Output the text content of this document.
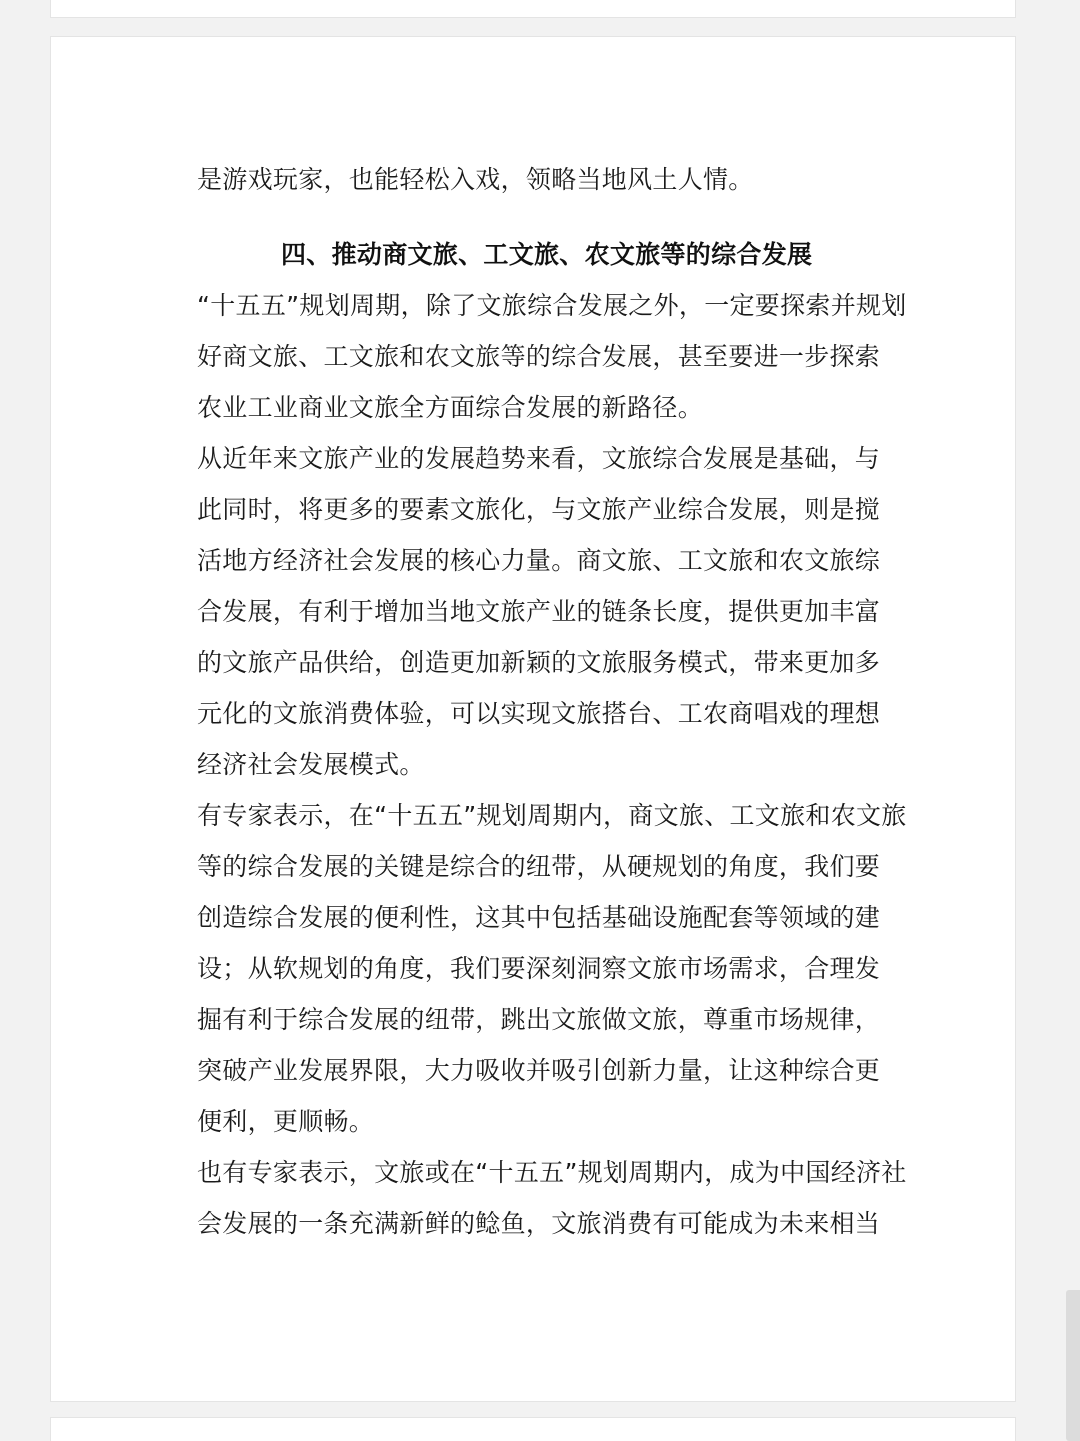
是游戏玩家，也能轻松入戏，领略当地风土人情。
四、推动商文旅、工文旅、农文旅等的综合发展
“十五五”规划周期，除了文旅综合发展之外，一定要探索并规划
好商文旅、工文旅和农文旅等的综合发展，甚至要进一步探索
农业工业商业文旅全方面综合发展的新路径。
从近年来文旅产业的发展趋势来看，文旅综合发展是基础，与
此同时，将更多的要素文旅化，与文旅产业综合发展，则是搅
活地方经济社会发展的核心力量。商文旅、工文旅和农文旅综
合发展，有利于增加当地文旅产业的链条长度，提供更加丰富
的文旅产品供给，创造更加新颖的文旅服务模式，带来更加多
元化的文旅消费体验，可以实现文旅搭台、工农商唱戏的理想
经济社会发展模式。
有专家表示，在“十五五”规划周期内，商文旅、工文旅和农文旅
等的综合发展的关键是综合的纽带，从硬规划的角度，我们要
创造综合发展的便利性，这其中包括基础设施配套等领域的建
设；从软规划的角度，我们要深刻洞察文旅市场需求，合理发
掘有利于综合发展的纽带，跳出文旅做文旅，尊重市场规律，
突破产业发展界限，大力吸收并吸引创新力量，让这种综合更
便利，更顺畅。
也有专家表示，文旅或在“十五五”规划周期内，成为中国经济社
会发展的一条充满新鲜的鲶鱼，文旅消费有可能成为未来相当
